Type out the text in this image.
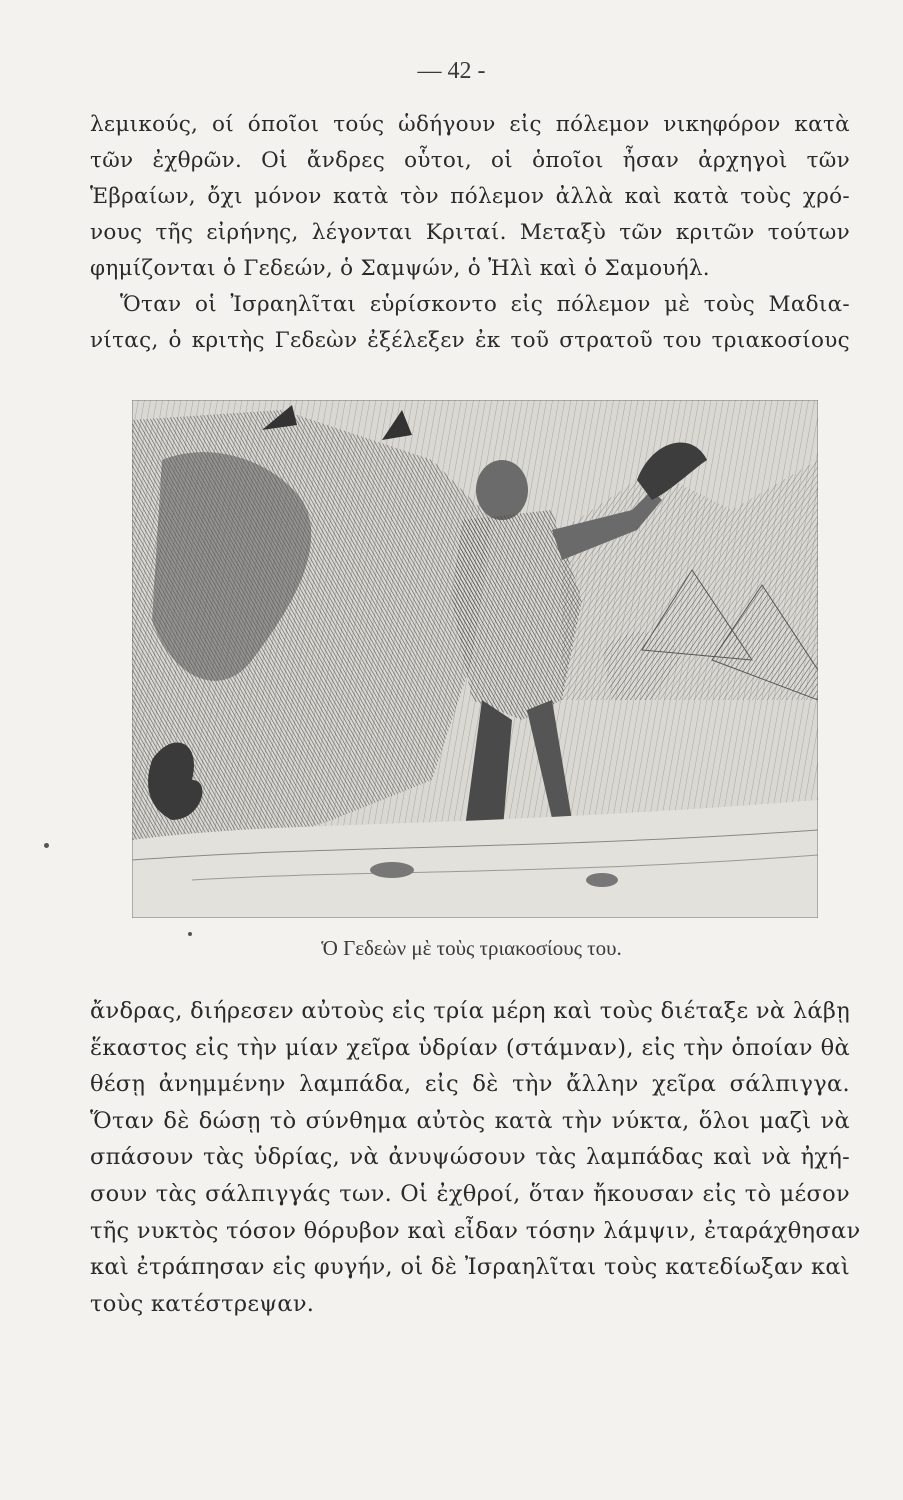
— 42 -
λεμικούς, οί όποῖοι τούς ὡδήγουν εἰς πόλεμον νικηφόρον κατὰ
τῶν ἐχθρῶν. Οἱ ἄνδρες οὗτοι, οἱ ὁποῖοι ἦσαν ἀρχηγοὶ τῶν
Ἑβραίων, ὄχι μόνον κατὰ τὸν πόλεμον ἀλλὰ καὶ κατὰ τοὺς χρό-
νους τῆς εἰρήνης, λέγονται Κριταί. Μεταξὺ τῶν κριτῶν τούτων
φημίζονται ὁ Γεδεών, ὁ Σαμψών, ὁ Ἠλὶ καὶ ὁ Σαμουήλ.
Ὅταν οἱ Ἰσραηλῖται εὑρίσκοντο εἰς πόλεμον μὲ τοὺς Μαδια-
νίτας, ὁ κριτὴς Γεδεὼν ἐξέλεξεν ἐκ τοῦ στρατοῦ του τριακοσίους
Ὁ Γεδεὼν μὲ τοὺς τριακοσίους του.
ἄνδρας, διήρεσεν αὐτοὺς εἰς τρία μέρη καὶ τοὺς διέταξε νὰ λάβῃ
ἕκαστος εἰς τὴν μίαν χεῖρα ὑδρίαν (στάμναν), εἰς τὴν ὁποίαν θὰ
θέσῃ ἀνημμένην λαμπάδα, εἰς δὲ τὴν ἄλλην χεῖρα σάλπιγγα.
Ὅταν δὲ δώσῃ τὸ σύνθημα αὐτὸς κατὰ τὴν νύκτα, ὅλοι μαζὶ νὰ
σπάσουν τὰς ὑδρίας, νὰ ἀνυψώσουν τὰς λαμπάδας καὶ νὰ ἠχή-
σουν τὰς σάλπιγγάς των. Οἱ ἐχθροί, ὅταν ἤκουσαν εἰς τὸ μέσον
τῆς νυκτὸς τόσον θόρυβον καὶ εἶδαν τόσην λάμψιν, ἐταράχθησαν
καὶ ἐτράπησαν εἰς φυγήν, οἱ δὲ Ἰσραηλῖται τοὺς κατεδίωξαν καὶ
τοὺς κατέστρεψαν.
